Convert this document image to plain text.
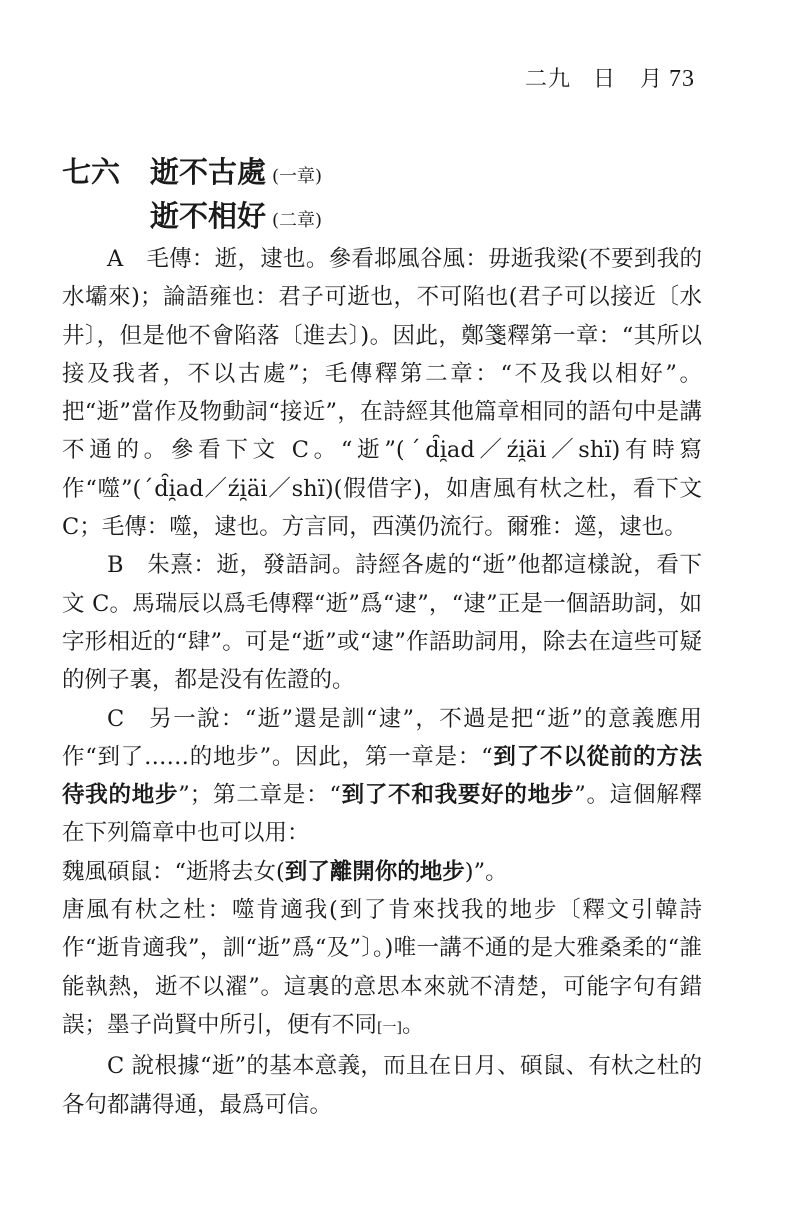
二九 日 月 73
七六 逝不古處 (一章)
逝不相好 (二章)

A　 毛傳：逝，逮也。參看邶風谷風：毋逝我梁(不要到我的水壩來)；論語雍也：君子可逝也，不可陷也(君子可以接近〔水井〕，但是他不會陷落〔進去〕)。因此，鄭箋釋第一章：“其所以接及我者，不以古處”；毛傳釋第二章：“不及我以相好”。把“逝”當作及物動詞“接近”，在詩經其他篇章相同的語句中是講不通的。參看下文 C。“逝”(ˊd̑i̯ad／źi̯äi／shï)有時寫作“噬”(ˊd̑i̯ad／źi̯äi／shï)(假借字)，如唐風有杕之杜，看下文 C；毛傳：噬，逮也。方言同，西漢仍流行。爾雅：遾，逮也。

B　 朱熹：逝，發語詞。詩經各處的“逝”他都這樣說，看下文 C。馬瑞辰以爲毛傳釋“逝”爲“逮”，“逮”正是一個語助詞，如字形相近的“肆”。可是“逝”或“逮”作語助詞用，除去在這些可疑的例子裏，都是没有佐證的。

C　 另一說：“逝”還是訓“逮”，不過是把“逝”的意義應用作“到了……的地步”。因此，第一章是：“到了不以從前的方法待我的地步”；第二章是：“到了不和我要好的地步”。這個解釋在下列篇章中也可以用：

魏風碩鼠：“逝將去女(到了離開你的地步)”。

唐風有杕之杜：噬肯適我(到了肯來找我的地步〔釋文引韓詩作“逝肯適我”，訓“逝”爲“及”〕。)唯一講不通的是大雅桑柔的“誰能執熱，逝不以濯”。這裏的意思本來就不清楚，可能字句有錯誤；墨子尚賢中所引，便有不同[一]。

C 說根據“逝”的基本意義，而且在日月、碩鼠、有杕之杜的各句都講得通，最爲可信。
